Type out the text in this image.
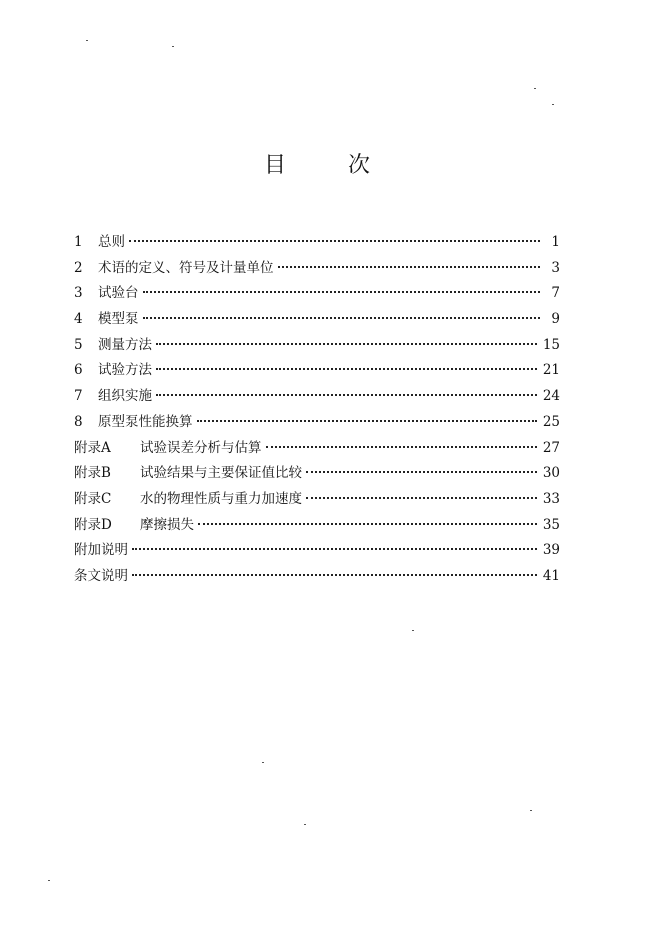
目	次
1	总则	1
2	术语的定义、符号及计量单位	3
3	试验台	7
4	模型泵	9
5	测量方法	15
6	试验方法	21
7	组织实施	24
8	原型泵性能换算	25
附录A	试验误差分析与估算	27
附录B	试验结果与主要保证值比较	30
附录C	水的物理性质与重力加速度	33
附录D	摩擦损失	35
附加说明	39
条文说明	41
